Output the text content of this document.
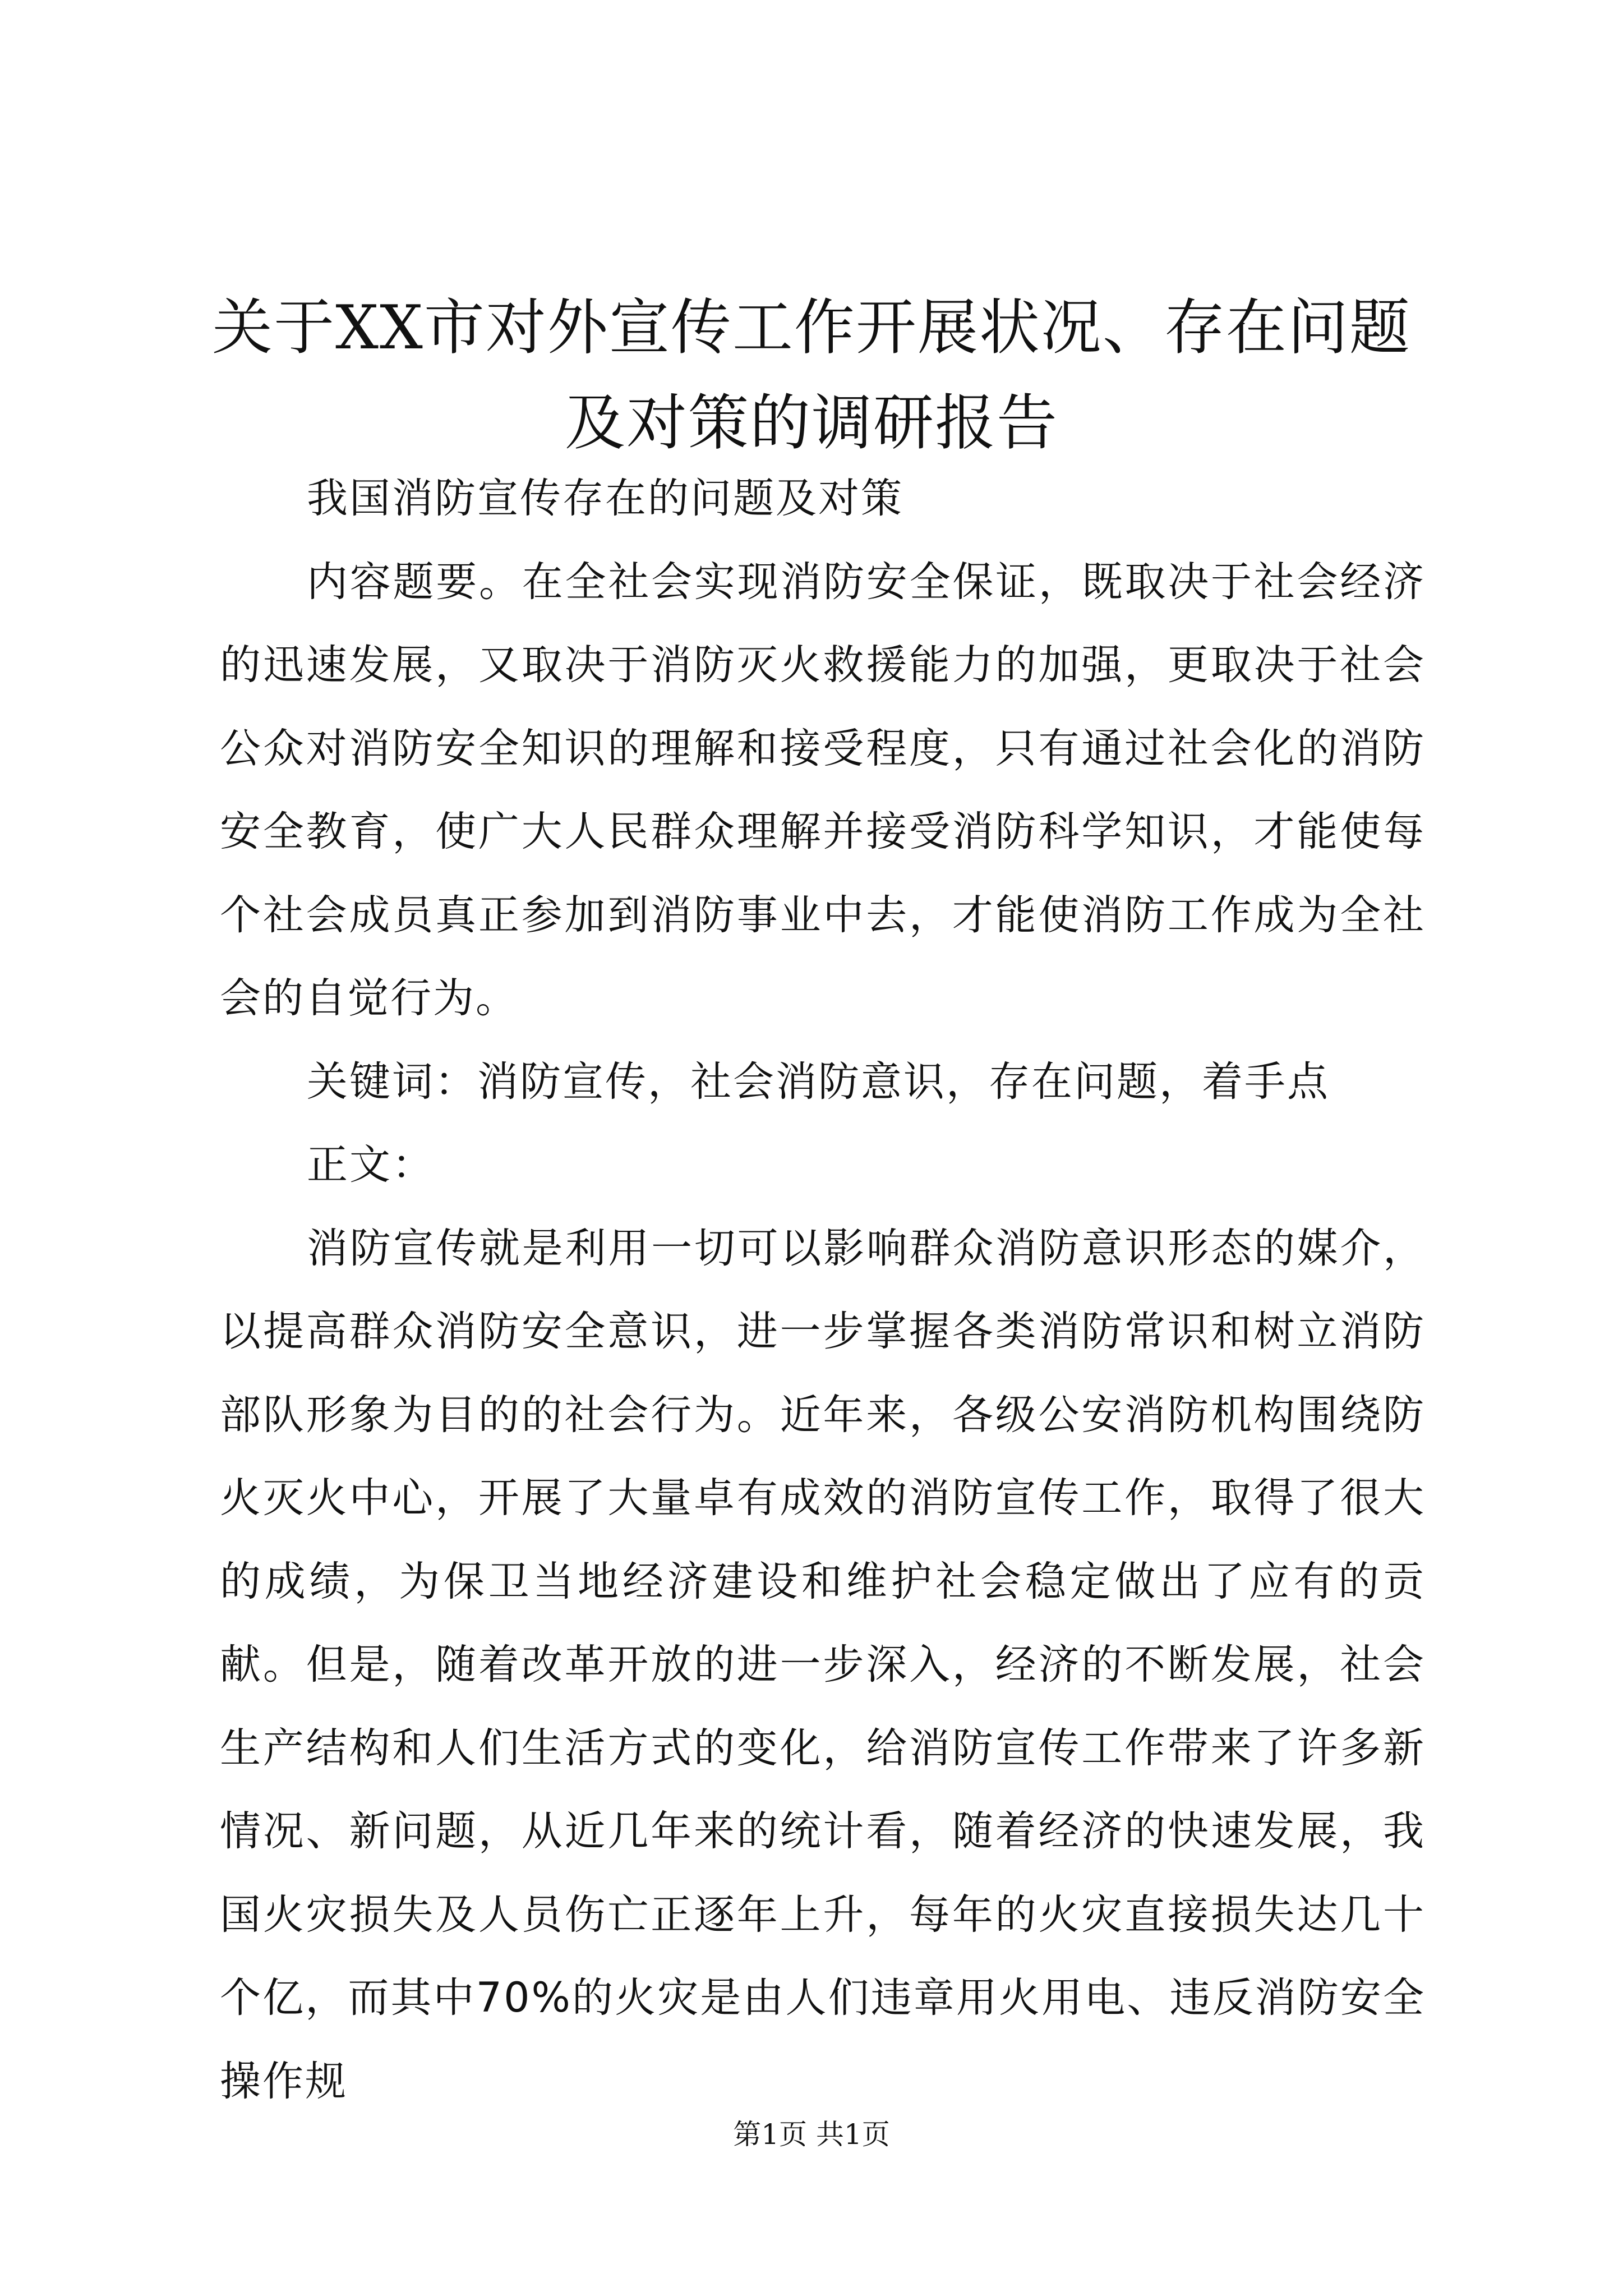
关于XX市对外宣传工作开展状况、存在问题
及对策的调研报告

我国消防宣传存在的问题及对策

内容题要。在全社会实现消防安全保证，既取决于社会经济的迅速发展，又取决于消防灭火救援能力的加强，更取决于社会公众对消防安全知识的理解和接受程度，只有通过社会化的消防安全教育，使广大人民群众理解并接受消防科学知识，才能使每个社会成员真正参加到消防事业中去，才能使消防工作成为全社会的自觉行为。

关键词：消防宣传，社会消防意识，存在问题，着手点

正文：

消防宣传就是利用一切可以影响群众消防意识形态的媒介，以提高群众消防安全意识，进一步掌握各类消防常识和树立消防部队形象为目的的社会行为。近年来，各级公安消防机构围绕防火灭火中心，开展了大量卓有成效的消防宣传工作，取得了很大的成绩，为保卫当地经济建设和维护社会稳定做出了应有的贡献。但是，随着改革开放的进一步深入，经济的不断发展，社会生产结构和人们生活方式的变化，给消防宣传工作带来了许多新情况、新问题，从近几年来的统计看，随着经济的快速发展，我国火灾损失及人员伤亡正逐年上升，每年的火灾直接损失达几十个亿，而其中70%的火灾是由人们违章用火用电、违反消防安全操作规

第1页 共1页
